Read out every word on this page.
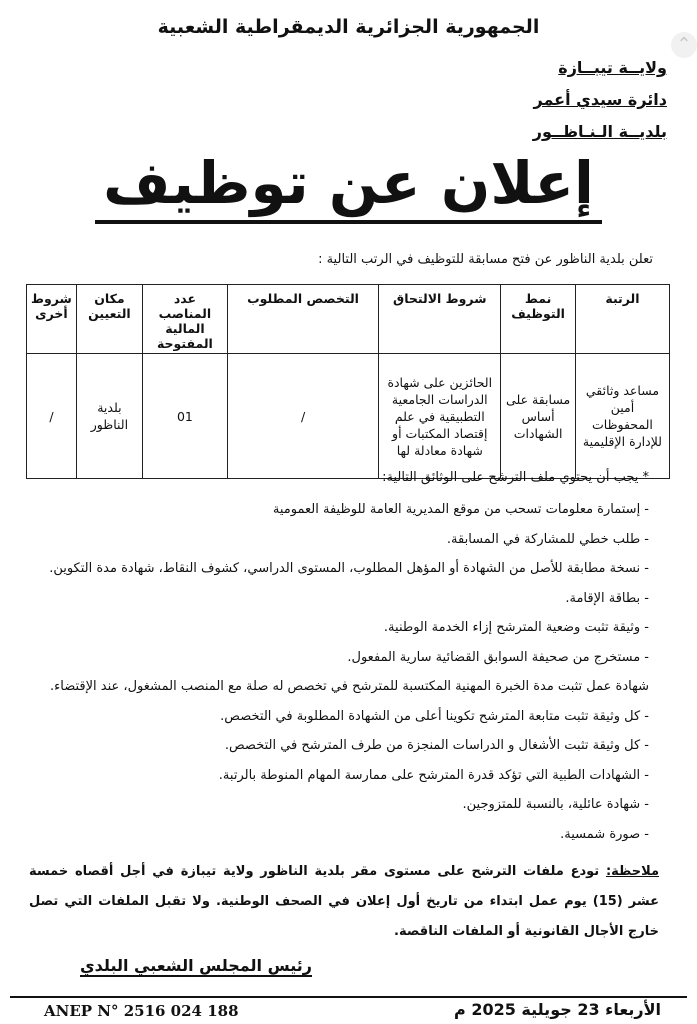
⌃
الجمهورية الجزائرية الديمقراطية الشعبية
ولايــة تيبــازة
دائرة سيدي أعمر
بلديــة الـنـاظــور
إعلان عن توظيف
تعلن بلدية الناظور عن فتح مسابقة للتوظيف في الرتب التالية :
الرتبة	نمط التوظيف	شروط الالتحاق	التخصص المطلوب	عدد المناصب المالية المفتوحة	مكان التعيين	شروط أخرى
مساعد وثائقي أمين المحفوظات للإدارة الإقليمية	مسابقة على أساس الشهادات	الحائزين على شهادة الدراسات الجامعية التطبيقية في علم إقتصاد المكتبات أو شهادة معادلة لها	/	01	بلدية الناظور	/
* يجب أن يحتوي ملف الترشح على الوثائق التالية:
- إستمارة معلومات تسحب من موقع المديرية العامة للوظيفة العمومية
- طلب خطي للمشاركة في المسابقة.
- نسخة مطابقة للأصل من الشهادة أو المؤهل المطلوب، المستوى الدراسي، كشوف النقاط، شهادة مدة التكوين.
- بطاقة الإقامة.
- وثيقة تثبت وضعية المترشح إزاء الخدمة الوطنية.
- مستخرج من صحيفة السوابق القضائية سارية المفعول.
شهادة عمل تثبت مدة الخبرة المهنية المكتسبة للمترشح في تخصص له صلة مع المنصب المشغول، عند الإقتضاء.
- كل وثيقة تثبت متابعة المترشح تكوينا أعلى من الشهادة المطلوبة في التخصص.
- كل وثيقة تثبت الأشغال و الدراسات المنجزة من طرف المترشح في التخصص.
- الشهادات الطبية التي تؤكد قدرة المترشح على ممارسة المهام المنوطة بالرتبة.
- شهادة عائلية، بالنسبة للمتزوجين.
- صورة شمسية.
ملاحظة: تودع ملفات الترشح على مستوى مقر بلدية الناظور ولاية تيبازة في أجل أقصاه خمسة عشر (15) يوم عمل ابتداء من تاريخ أول إعلان في الصحف الوطنية. ولا تقبل الملفات التي تصل خارج الأجال القانونية أو الملفات الناقصة.
رئيس المجلس الشعبي البلدي
ANEP N° 2516 024 188	الأربعاء 23 جويلية 2025 م
